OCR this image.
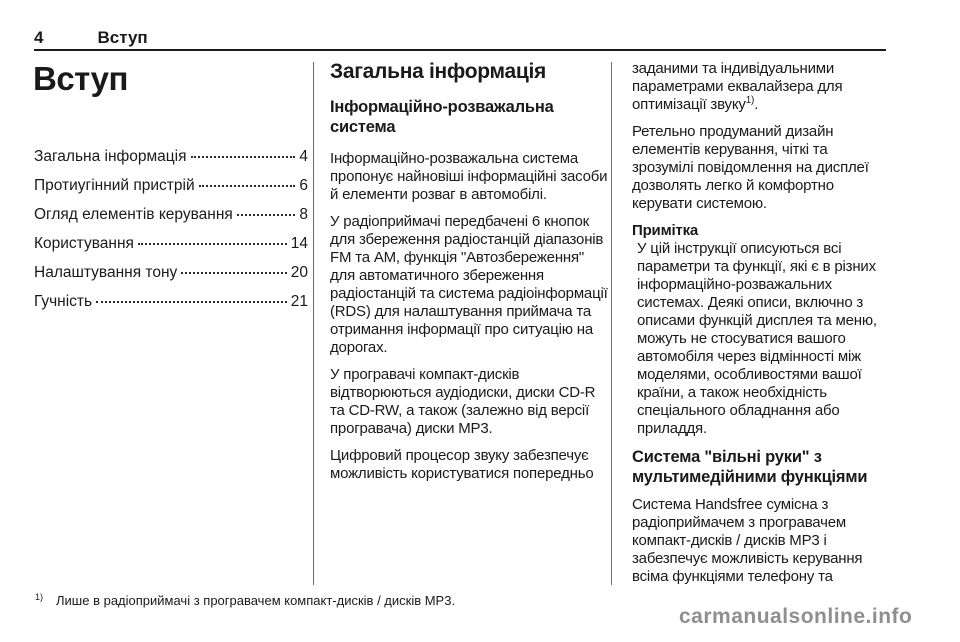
4	Вступ
Вступ
Загальна інформація	4
Протиугінний пристрій	6
Огляд елементів керування	8
Користування	14
Налаштування тону	20
Гучність	21
Загальна інформація
Інформаційно-розважальна система

Інформаційно-розважальна система пропонує найновіші інформаційні засоби й елементи розваг в автомобілі.

У радіоприймачі передбачені 6 кнопок для збереження радіостанцій діапазонів FM та AM, функція "Автозбереження" для автоматичного збереження радіостанцій та система радіоінформації (RDS) для налаштування приймача та отримання інформації про ситуацію на дорогах.

У програвачі компакт-дисків відтворюються аудіодиски, диски CD-R та CD-RW, а також (залежно від версії програвача) диски MP3.

Цифровий процесор звуку забезпечує можливість користуватися попередньо

заданими та індивідуальними параметрами еквалайзера для оптимізації звуку$^{1)}$.

Ретельно продуманий дизайн елементів керування, чіткі та зрозумілі повідомлення на дисплеї дозволять легко й комфортно керувати системою.

Примітка
У цій інструкції описуються всі параметри та функції, які є в різних інформаційно-розважальних системах. Деякі описи, включно з описами функцій дисплея та меню, можуть не стосуватися вашого автомобіля через відмінності між моделями, особливостями вашої країни, а також необхідність спеціального обладнання або приладдя.
Система "вільні руки" з мультимедійними функціями

Система Handsfree сумісна з радіоприймачем з програвачем компакт-дисків / дисків MP3 і забезпечує можливість керування всіма функціями телефону та

$^{1)}$ Лише в радіоприймачі з програвачем компакт-дисків / дисків MP3.
carmanualsonline.info
